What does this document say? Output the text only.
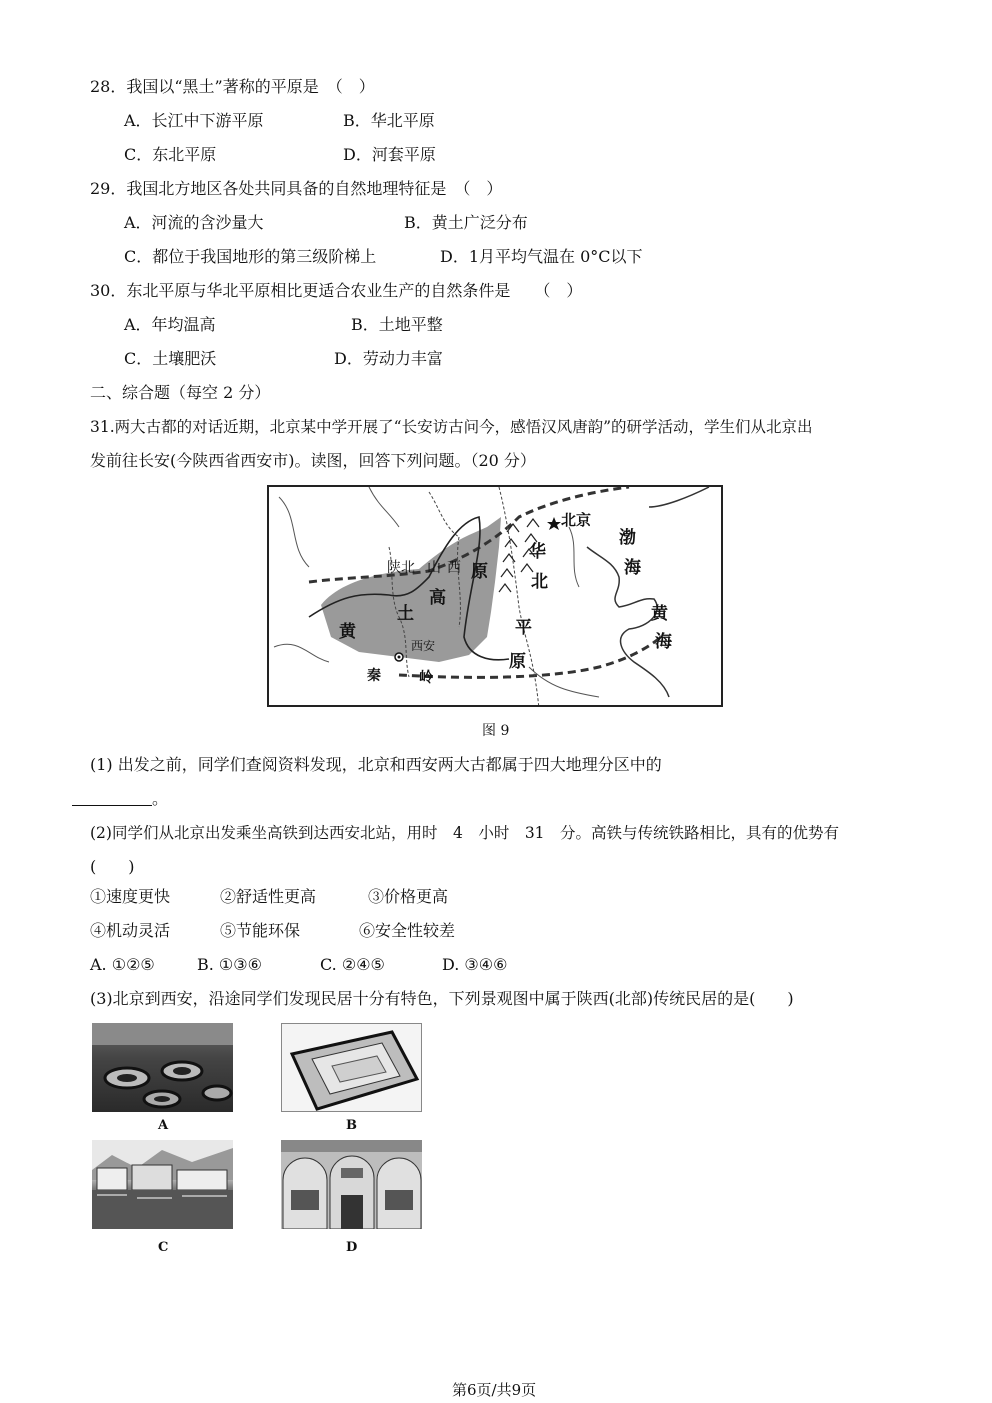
28．我国以“黑土”著称的平原是　（　）
A．长江中下游平原	B．华北平原
C．东北平原	D．河套平原
29．我国北方地区各处共同具备的自然地理特征是　（　）
A．河流的含沙量大	B．黄土广泛分布
C．都位于我国地形的第三级阶梯上	D．1月平均气温在 0°C以下
30．东北平原与华北平原相比更适合农业生产的自然条件是　　（　）
A．年均温高	B．土地平整
C．土壤肥沃	D．劳动力丰富
二、综合题（每空 2 分）
31.两大古都的对话近期，北京某中学开展了“长安访古问今，感悟汉风唐韵”的研学活动，学生们从北京出
发前往长安(今陕西省西安市)。读图，回答下列问题。（20 分）
北京
渤
海
黄
海
陕北 山 西
高
原
黄
土
西安
秦	岭
华
北
平
原
图 9
(1) 出发之前，同学们查阅资料发现，北京和西安两大古都属于四大地理分区中的
。
(2)同学们从北京出发乘坐高铁到达西安北站，用时　4　小时　31　分。高铁与传统铁路相比，具有的优势有
(　　)
①速度更快	②舒适性更高	③价格更高
④机动灵活	⑤节能环保	⑥安全性较差
A. ①②⑤	B. ①③⑥	C. ②④⑤	D. ③④⑥
(3)北京到西安，沿途同学们发现民居十分有特色，下列景观图中属于陕西(北部)传统民居的是(　　)
A	B
C	D
第6页/共9页
